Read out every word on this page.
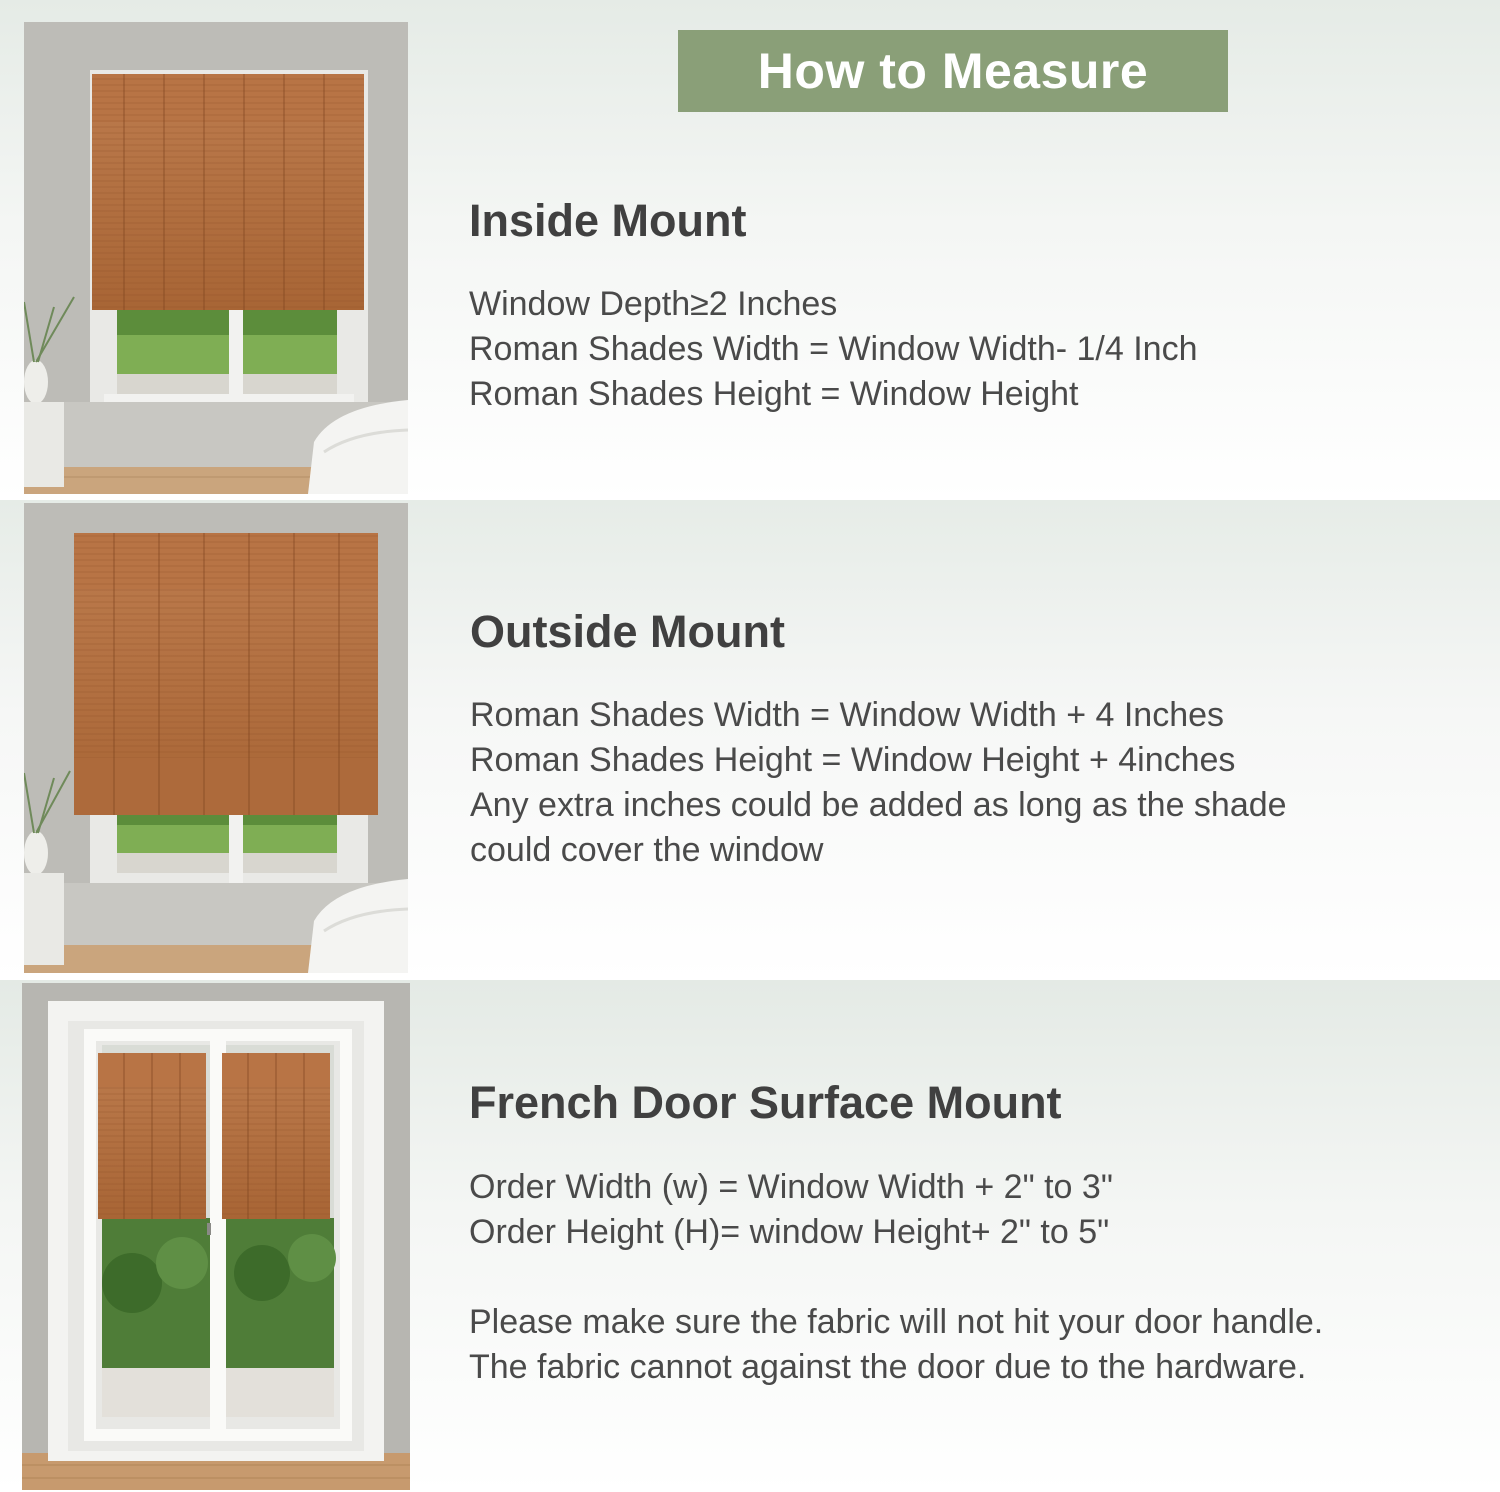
How to Measure
Inside Mount
Window Depth≥2 Inches
Roman Shades Width = Window Width- 1/4 Inch
Roman Shades Height = Window Height
Outside Mount
Roman Shades Width = Window Width + 4 Inches
Roman Shades Height = Window Height + 4inches
Any extra inches could be added as long as the shade
could cover the window
French Door Surface Mount
Order Width (w) = Window Width + 2" to 3"
Order Height (H)= window Height+ 2" to 5"
Please make sure the fabric will not hit your door handle.
The fabric cannot against the door due to the hardware.
